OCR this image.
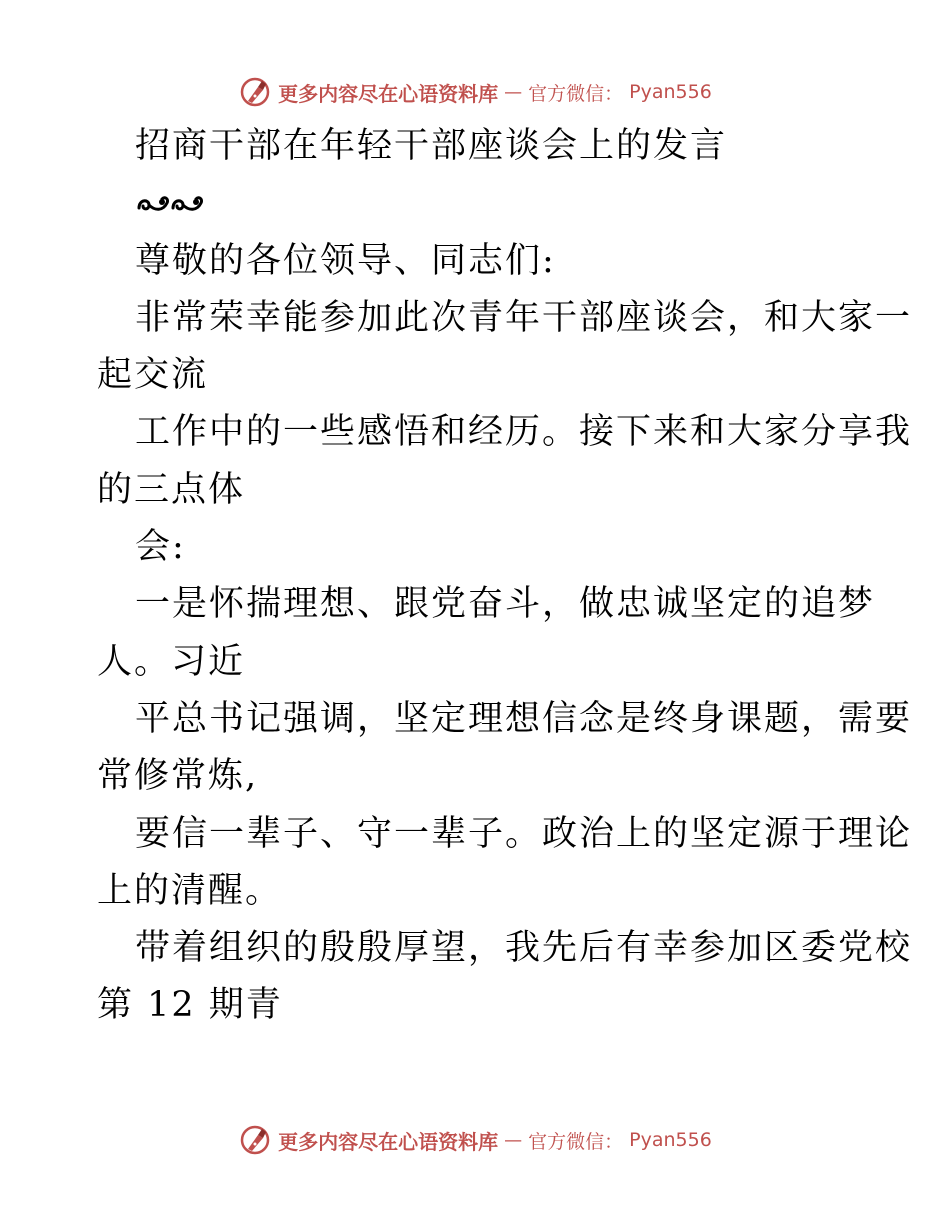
更多内容尽在心语资料库 — 官方微信： Pyan556
招商干部在年轻干部座谈会上的发言
尊敬的各位领导、同志们:
非常荣幸能参加此次青年干部座谈会，和大家一
起交流
工作中的一些感悟和经历。接下来和大家分享我
的三点体
会:
一是怀揣理想、跟党奋斗，做忠诚坚定的追梦
人。习近
平总书记强调，坚定理想信念是终身课题，需要
常修常炼,
要信一辈子、守一辈子。政治上的坚定源于理论
上的清醒。
带着组织的殷殷厚望，我先后有幸参加区委党校
第 12 期青
更多内容尽在心语资料库 — 官方微信： Pyan556
